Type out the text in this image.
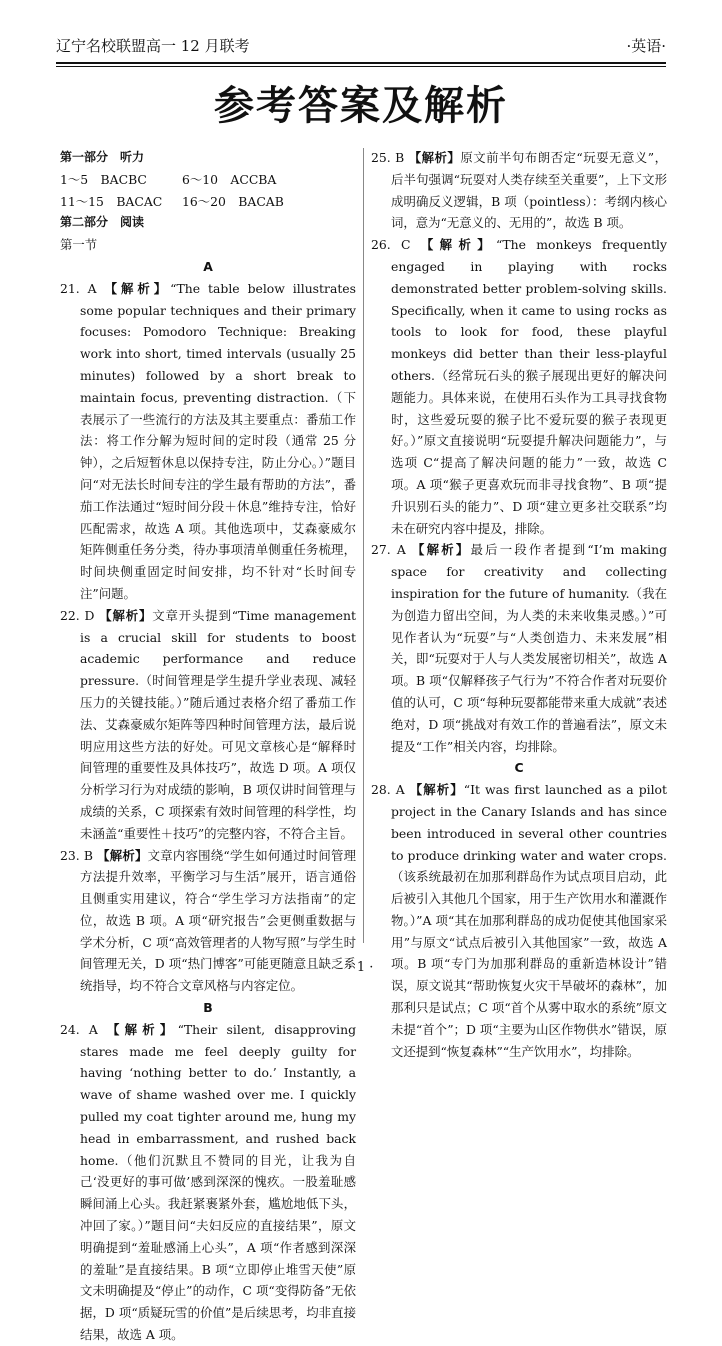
辽宁名校联盟高一 12 月联考	·英语·
参考答案及解析
第一部分　听力
1～5　BACBC	6～10　ACCBA
11～15　BACAC 16～20　BACAB
第二部分　阅读
第一节
A

21. A 【解析】“The table below illustrates some popular techniques and their primary focuses: Pomodoro Technique: Breaking work into short, timed intervals (usually 25 minutes) followed by a short break to maintain focus, preventing distraction.（下表展示了一些流行的方法及其主要重点：番茄工作法：将工作分解为短时间的定时段（通常 25 分钟），之后短暂休息以保持专注，防止分心。）”题目问“对无法长时间专注的学生最有帮助的方法”，番茄工作法通过“短时间分段＋休息”维持专注，恰好匹配需求，故选 A 项。其他选项中，艾森豪威尔矩阵侧重任务分类，待办事项清单侧重任务梳理，时间块侧重固定时间安排，均不针对“长时间专注”问题。

22. D 【解析】文章开头提到“Time management is a crucial skill for students to boost academic performance and reduce pressure.（时间管理是学生提升学业表现、减轻压力的关键技能。）”随后通过表格介绍了番茄工作法、艾森豪威尔矩阵等四种时间管理方法，最后说明应用这些方法的好处。可见文章核心是“解释时间管理的重要性及具体技巧”，故选 D 项。A 项仅分析学习行为对成绩的影响，B 项仅讲时间管理与成绩的关系，C 项探索有效时间管理的科学性，均未涵盖“重要性＋技巧”的完整内容，不符合主旨。

23. B 【解析】文章内容围绕“学生如何通过时间管理方法提升效率，平衡学习与生活”展开，语言通俗且侧重实用建议，符合“学生学习方法指南”的定位，故选 B 项。A 项“研究报告”会更侧重数据与学术分析，C 项“高效管理者的人物写照”与学生时间管理无关，D 项“热门博客”可能更随意且缺乏系统指导，均不符合文章风格与内容定位。

B

24. A 【解析】“Their silent, disapproving stares made me feel deeply guilty for having ‘nothing better to do.’ Instantly, a wave of shame washed over me. I quickly pulled my coat tighter around me, hung my head in embarrassment, and rushed back home.（他们沉默且不赞同的目光，让我为自己‘没更好的事可做’感到深深的愧疚。一股羞耻感瞬间涌上心头。我赶紧裹紧外套，尴尬地低下头，冲回了家。）”题目问“夫妇反应的直接结果”，原文明确提到“羞耻感涌上心头”，A 项“作者感到深深的羞耻”是直接结果。B 项“立即停止堆雪天使”原文未明确提及“停止”的动作，C 项“变得防备”无依据，D 项“质疑玩雪的价值”是后续思考，均非直接结果，故选 A 项。

25. B 【解析】原文前半句布朗否定“玩耍无意义”，后半句强调“玩耍对人类存续至关重要”，上下文形成明确反义逻辑，B 项（pointless）：考纲内核心词，意为“无意义的、无用的”，故选 B 项。

26. C 【解析】“The monkeys frequently engaged in playing with rocks demonstrated better problem-solving skills. Specifically, when it came to using rocks as tools to look for food, these playful monkeys did better than their less-playful others.（经常玩石头的猴子展现出更好的解决问题能力。具体来说，在使用石头作为工具寻找食物时，这些爱玩耍的猴子比不爱玩耍的猴子表现更好。）”原文直接说明“玩耍提升解决问题能力”，与选项 C“提高了解决问题的能力”一致，故选 C 项。A 项“猴子更喜欢玩而非寻找食物”、B 项“提升识别石头的能力”、D 项“建立更多社交联系”均未在研究内容中提及，排除。

27. A 【解析】最后一段作者提到“I’m making space for creativity and collecting inspiration for the future of humanity.（我在为创造力留出空间，为人类的未来收集灵感。）”可见作者认为“玩耍”与“人类创造力、未来发展”相关，即“玩耍对于人与人类发展密切相关”，故选 A 项。B 项“仅解释孩子气行为”不符合作者对玩耍价值的认可，C 项“每种玩耍都能带来重大成就”表述绝对，D 项“挑战对有效工作的普遍看法”，原文未提及“工作”相关内容，均排除。

C

28. A 【解析】“It was first launched as a pilot project in the Canary Islands and has since been introduced in several other countries to produce drinking water and water crops.（该系统最初在加那利群岛作为试点项目启动，此后被引入其他几个国家，用于生产饮用水和灌溉作物。）”A 项“其在加那利群岛的成功促使其他国家采用”与原文“试点后被引入其他国家”一致，故选 A 项。B 项“专门为加那利群岛的重新造林设计”错误，原文说其“帮助恢复火灾干旱破坏的森林”，加那利只是试点；C 项“首个从雾中取水的系统”原文未提“首个”；D 项“主要为山区作物供水”错误，原文还提到“恢复森林”“生产饮用水”，均排除。

· 1 ·
